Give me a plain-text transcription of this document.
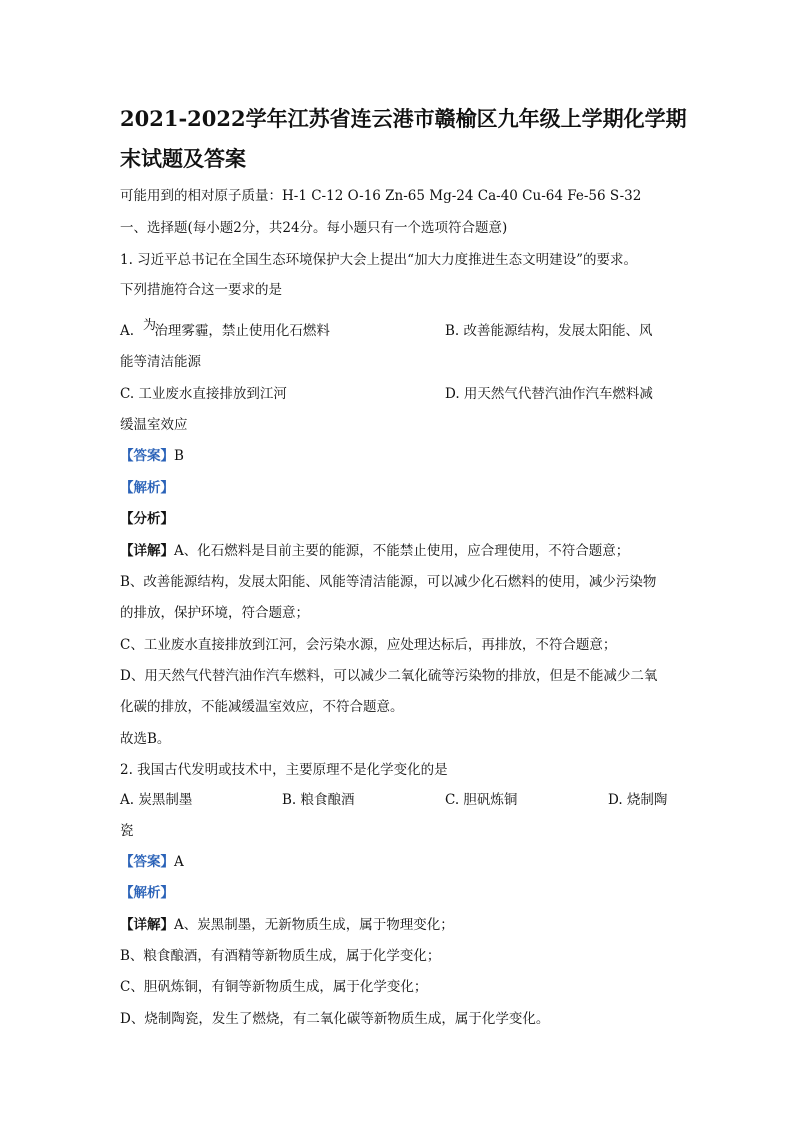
2021-2022学年江苏省连云港市赣榆区九年级上学期化学期
末试题及答案
可能用到的相对原子质量：H-1 C-12 O-16 Zn-65 Mg-24 Ca-40 Cu-64 Fe-56 S-32
一、选择题(每小题2分，共24分。每小题只有一个选项符合题意)
1. 习近平总书记在全国生态环境保护大会上提出“加大力度推进生态文明建设”的要求。
下列措施符合这一要求的是
A. 治理雾霾，禁止使用化石燃料
为	B. 改善能源结构，发展太阳能、风
能等清洁能源
C. 工业废水直接排放到江河	D. 用天然气代替汽油作汽车燃料减
缓温室效应
【答案】B
【解析】
【分析】
【详解】A、化石燃料是目前主要的能源，不能禁止使用，应合理使用，不符合题意；
B、改善能源结构，发展太阳能、风能等清洁能源，可以减少化石燃料的使用，减少污染物
的排放，保护环境，符合题意；
C、工业废水直接排放到江河，会污染水源，应处理达标后，再排放，不符合题意；
D、用天然气代替汽油作汽车燃料，可以减少二氧化硫等污染物的排放，但是不能减少二氧
化碳的排放，不能减缓温室效应，不符合题意。
故选B。
2. 我国古代发明或技术中，主要原理不是化学变化的是
A. 炭黑制墨	B. 粮食酿酒	C. 胆矾炼铜	D. 烧制陶
瓷
【答案】A
【解析】
【详解】A、炭黑制墨，无新物质生成，属于物理变化；
B、粮食酿酒，有酒精等新物质生成，属于化学变化；
C、胆矾炼铜，有铜等新物质生成，属于化学变化；
D、烧制陶瓷，发生了燃烧，有二氧化碳等新物质生成，属于化学变化。
